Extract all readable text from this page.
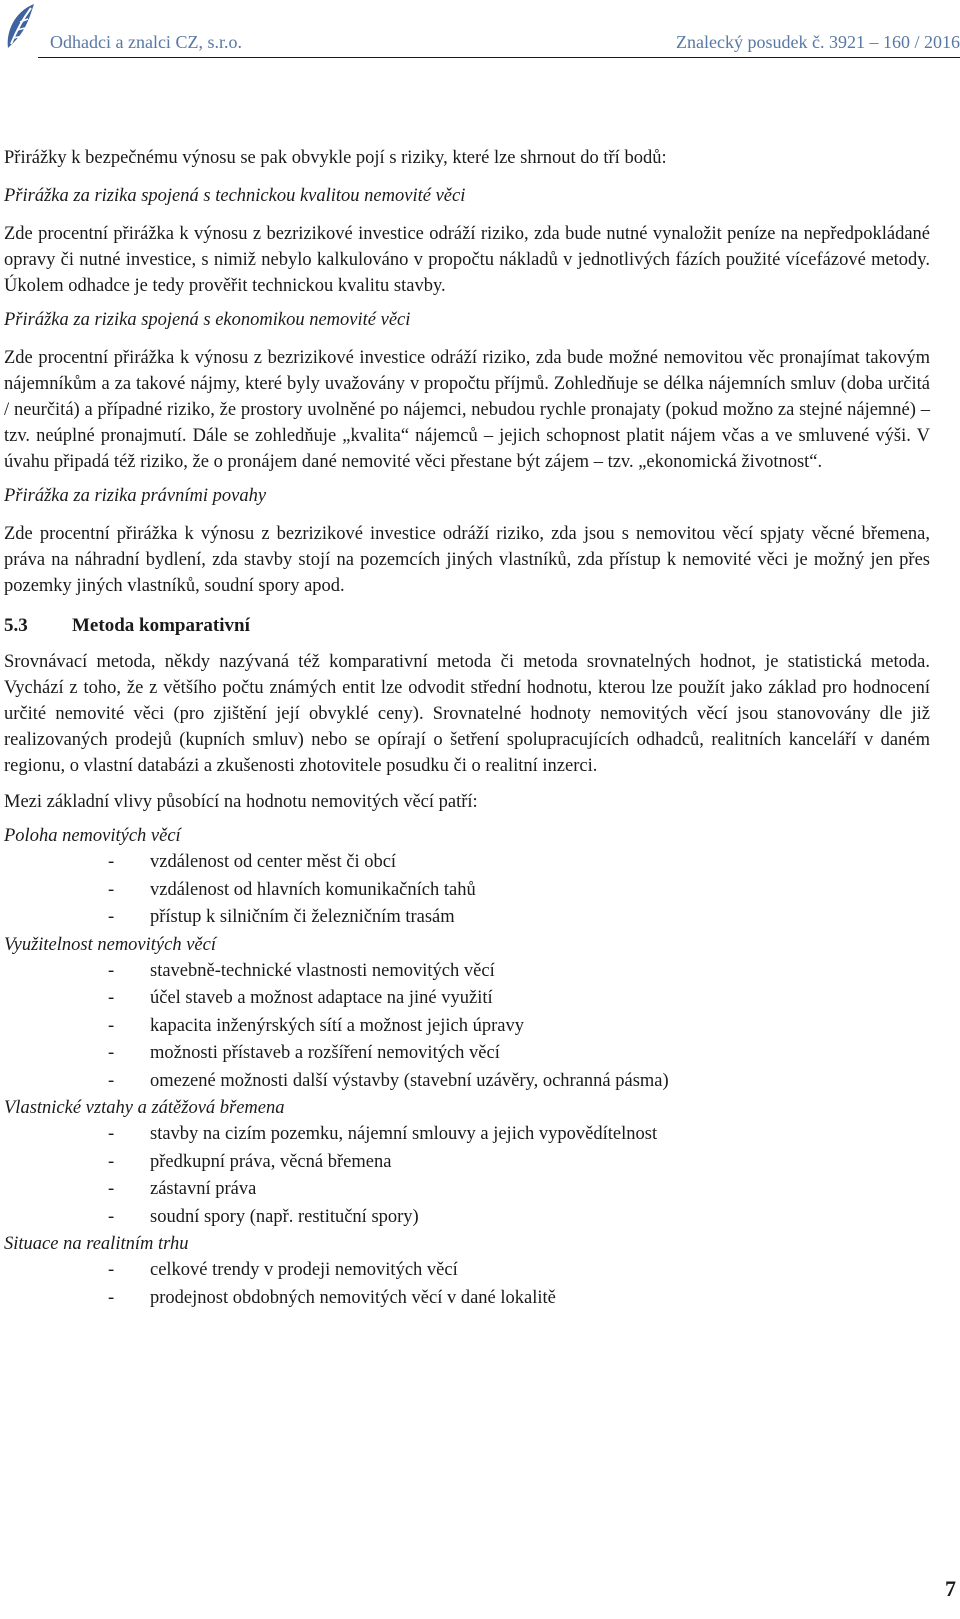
Odhadci a znalci CZ, s.r.o.	Znalecký posudek č. 3921 – 160 / 2016

Přirážky k bezpečnému výnosu se pak obvykle pojí s riziky, které lze shrnout do tří bodů:

Přirážka za rizika spojená s technickou kvalitou nemovité věci

Zde procentní přirážka k výnosu z bezrizikové investice odráží riziko, zda bude nutné vynaložit peníze na nepředpokládané opravy či nutné investice, s nimiž nebylo kalkulováno v propočtu nákladů v jednotlivých fázích použité vícefázové metody. Úkolem odhadce je tedy prověřit technickou kvalitu stavby.

Přirážka za rizika spojená s ekonomikou nemovité věci

Zde procentní přirážka k výnosu z bezrizikové investice odráží riziko, zda bude možné nemovitou věc pronajímat takovým nájemníkům a za takové nájmy, které byly uvažovány v propočtu příjmů. Zohledňuje se délka nájemních smluv (doba určitá / neurčitá) a případné riziko, že prostory uvolněné po nájemci, nebudou rychle pronajaty (pokud možno za stejné nájemné) – tzv. neúplné pronajmutí. Dále se zohledňuje „kvalita“ nájemců – jejich schopnost platit nájem včas a ve smluvené výši. V úvahu připadá též riziko, že o pronájem dané nemovité věci přestane být zájem – tzv. „ekonomická životnost“.

Přirážka za rizika právními povahy

Zde procentní přirážka k výnosu z bezrizikové investice odráží riziko, zda jsou s nemovitou věcí spjaty věcné břemena, práva na náhradní bydlení, zda stavby stojí na pozemcích jiných vlastníků, zda přístup k nemovité věci je možný jen přes pozemky jiných vlastníků, soudní spory apod.

5.3 Metoda komparativní

Srovnávací metoda, někdy nazývaná též komparativní metoda či metoda srovnatelných hodnot, je statistická metoda. Vychází z toho, že z většího počtu známých entit lze odvodit střední hodnotu, kterou lze použít jako základ pro hodnocení určité nemovité věci (pro zjištění její obvyklé ceny). Srovnatelné hodnoty nemovitých věcí jsou stanovovány dle již realizovaných prodejů (kupních smluv) nebo se opírají o šetření spolupracujících odhadců, realitních kanceláří v daném regionu, o vlastní databázi a zkušenosti zhotovitele posudku či o realitní inzerci.

Mezi základní vlivy působící na hodnotu nemovitých věcí patří:

Poloha nemovitých věcí
- vzdálenost od center měst či obcí
- vzdálenost od hlavních komunikačních tahů
- přístup k silničním či železničním trasám
Využitelnost nemovitých věcí
- stavebně-technické vlastnosti nemovitých věcí
- účel staveb a možnost adaptace na jiné využití
- kapacita inženýrských sítí a možnost jejich úpravy
- možnosti přístaveb a rozšíření nemovitých věcí
- omezené možnosti další výstavby (stavební uzávěry, ochranná pásma)
Vlastnické vztahy a zátěžová břemena
- stavby na cizím pozemku, nájemní smlouvy a jejich vypovědítelnost
- předkupní práva, věcná břemena
- zástavní práva
- soudní spory (např. restituční spory)
Situace na realitním trhu
- celkové trendy v prodeji nemovitých věcí
- prodejnost obdobných nemovitých věcí v dané lokalitě
7
